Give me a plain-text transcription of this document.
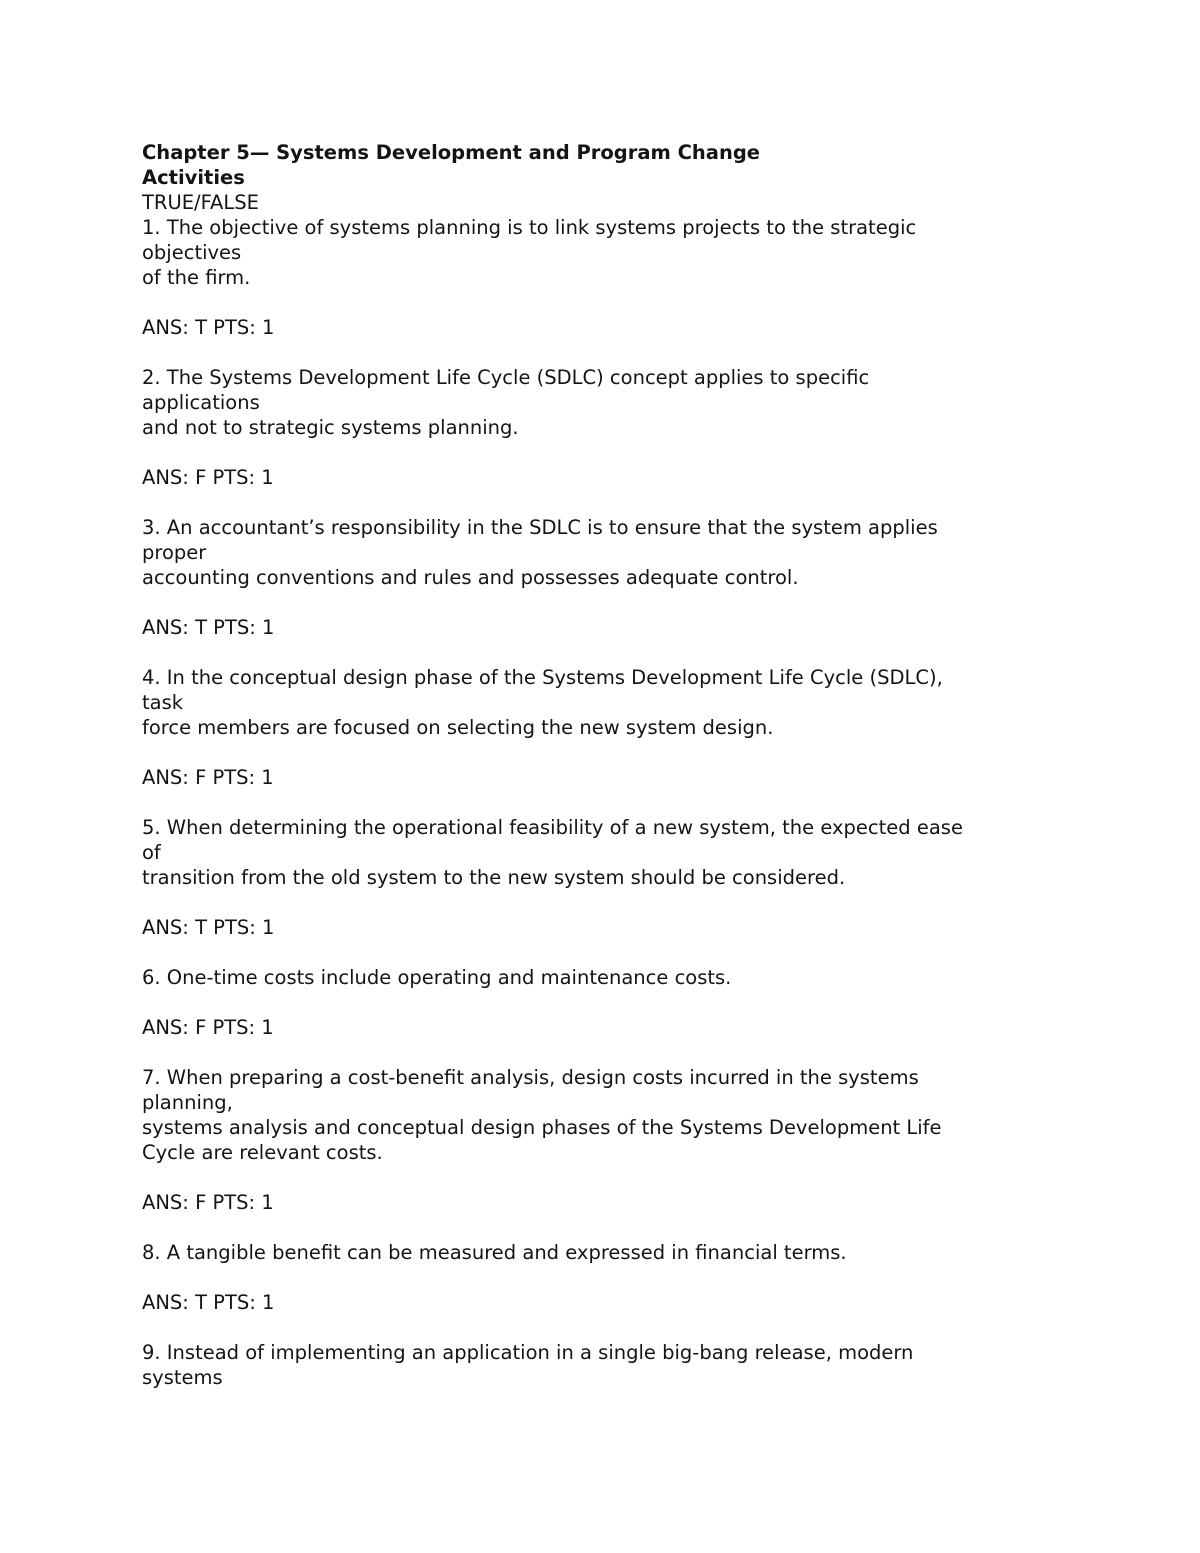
Chapter 5— Systems Development and Program Change
Activities
TRUE/FALSE
1. The objective of systems planning is to link systems projects to the strategic
objectives
of the firm.
ANS: T PTS: 1
2. The Systems Development Life Cycle (SDLC) concept applies to specific
applications
and not to strategic systems planning.
ANS: F PTS: 1
3. An accountant’s responsibility in the SDLC is to ensure that the system applies
proper
accounting conventions and rules and possesses adequate control.
ANS: T PTS: 1
4. In the conceptual design phase of the Systems Development Life Cycle (SDLC),
task
force members are focused on selecting the new system design.
ANS: F PTS: 1
5. When determining the operational feasibility of a new system, the expected ease
of
transition from the old system to the new system should be considered.
ANS: T PTS: 1
6. One-time costs include operating and maintenance costs.
ANS: F PTS: 1
7. When preparing a cost-benefit analysis, design costs incurred in the systems
planning,
systems analysis and conceptual design phases of the Systems Development Life
Cycle are relevant costs.
ANS: F PTS: 1
8. A tangible benefit can be measured and expressed in financial terms.
ANS: T PTS: 1
9. Instead of implementing an application in a single big-bang release, modern
systems
